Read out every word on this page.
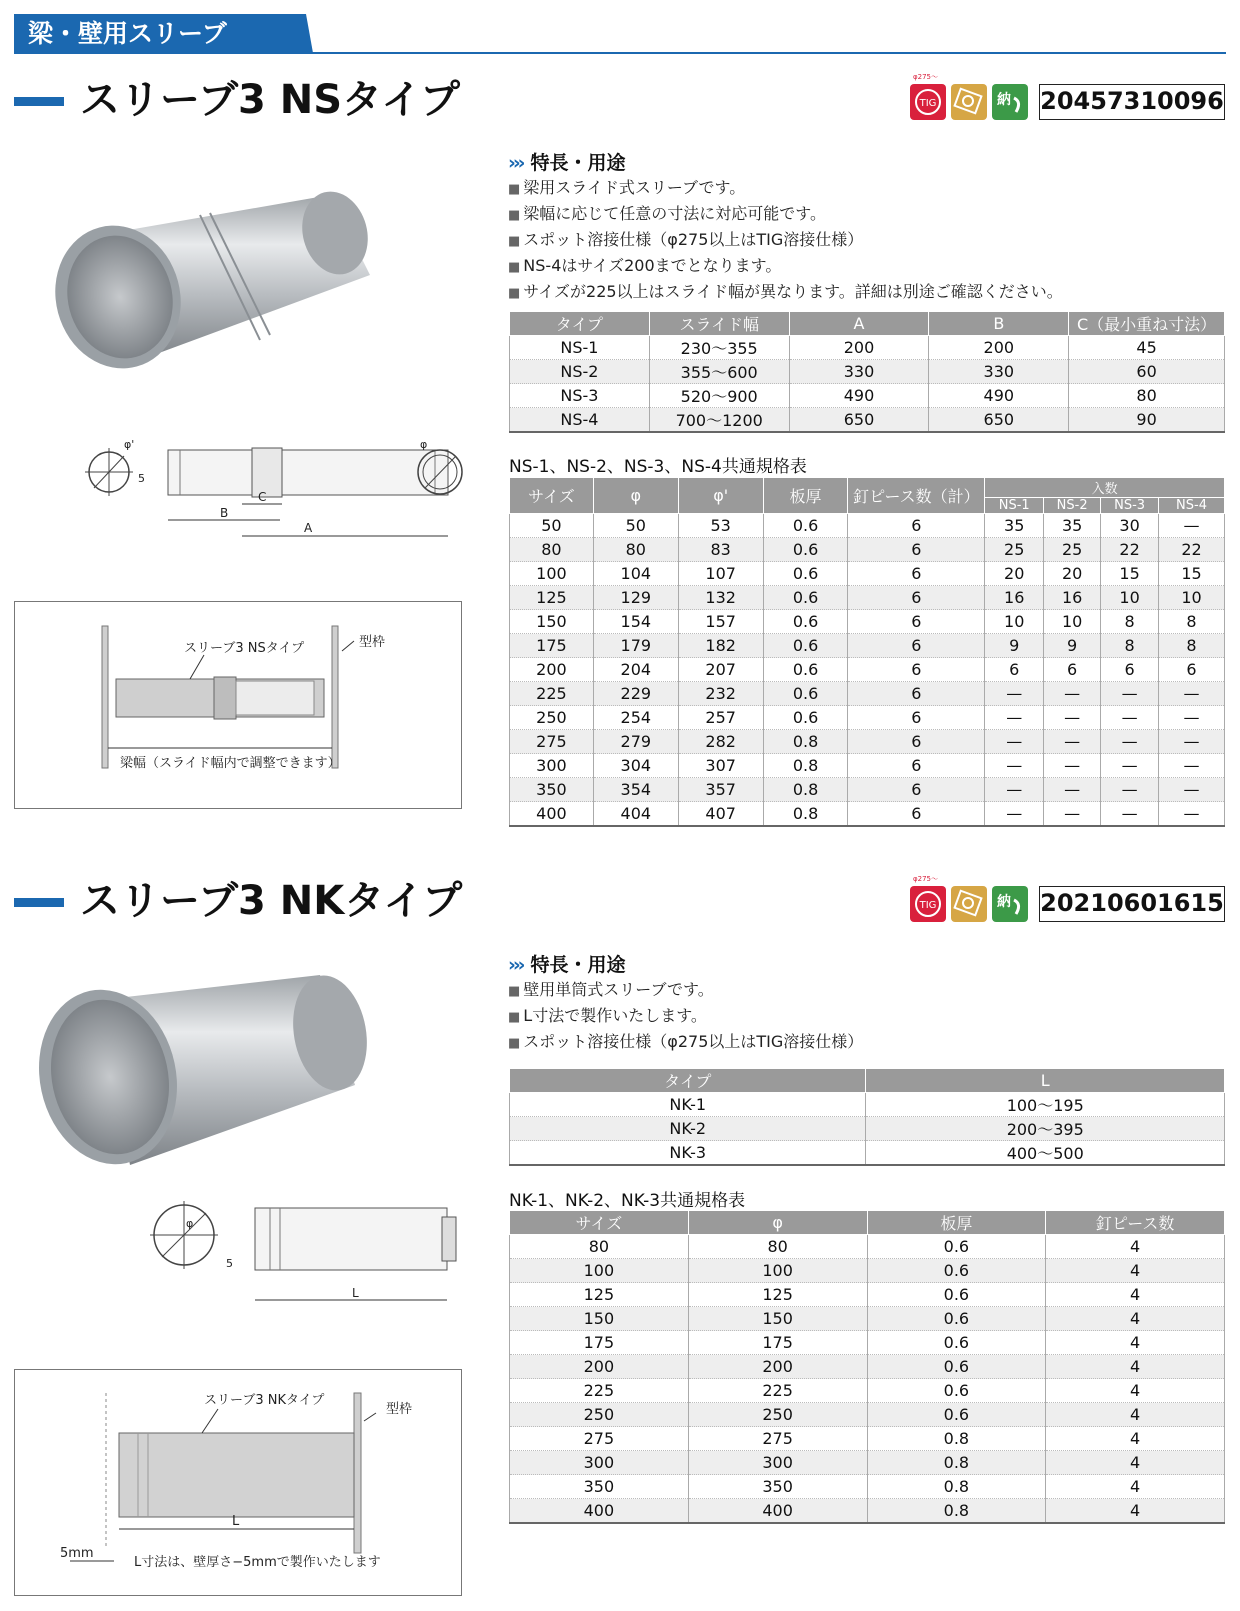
梁・壁用スリーブ
スリーブ3 NSタイプ	φ275～
TIG	納 20457310096
››› 特長・用途
■ 梁用スライド式スリーブです。
■ 梁幅に応じて任意の寸法に対応可能です。
■ スポット溶接仕様（φ275以上はTIG溶接仕様）
■ NS-4はサイズ200までとなります。
■ サイズが225以上はスライド幅が異なります。詳細は別途ご確認ください。
タイプ	スライド幅	A	B	C（最小重ね寸法）
NS-1	230～355	200	200	45
NS-2	355～600	330	330	60
NS-3	520～900	490	490	80
NS-4	700～1200	650	650	90
φ'
5
B
C
A
φ
スリーブ3 NSタイプ	型枠
梁幅（スライド幅内で調整できます）
NS-1、NS-2、NS-3、NS-4共通規格表
サイズ	φ	φ'	板厚	釘ピース数（計）	入数			
					NS-1	NS-2	NS-3	NS-4
50	50	53	0.6	6	35	35	30	—
80	80	83	0.6	6	25	25	22	22
100	104	107	0.6	6	20	20	15	15
125	129	132	0.6	6	16	16	10	10
150	154	157	0.6	6	10	10	8	8
175	179	182	0.6	6	9	9	8	8
200	204	207	0.6	6	6	6	6	6
225	229	232	0.6	6	—	—	—	—
250	254	257	0.6	6	—	—	—	—
275	279	282	0.8	6	—	—	—	—
300	304	307	0.8	6	—	—	—	—
350	354	357	0.8	6	—	—	—	—
400	404	407	0.8	6	—	—	—	—
スリーブ3 NKタイプ	φ275～
TIG	納 20210601615
››› 特長・用途
■ 壁用単筒式スリーブです。
■ L寸法で製作いたします。
■ スポット溶接仕様（φ275以上はTIG溶接仕様）
タイプ	L
NK-1	100～195
NK-2	200～395
NK-3	400～500
φ
5
L
スリーブ3 NKタイプ
型枠
L
5mm
L寸法は、壁厚さ−5mmで製作いたします
NK-1、NK-2、NK-3共通規格表
サイズ	φ	板厚	釘ピース数
80	80	0.6	4
100	100	0.6	4
125	125	0.6	4
150	150	0.6	4
175	175	0.6	4
200	200	0.6	4
225	225	0.6	4
250	250	0.6	4
275	275	0.8	4
300	300	0.8	4
350	350	0.8	4
400	400	0.8	4
